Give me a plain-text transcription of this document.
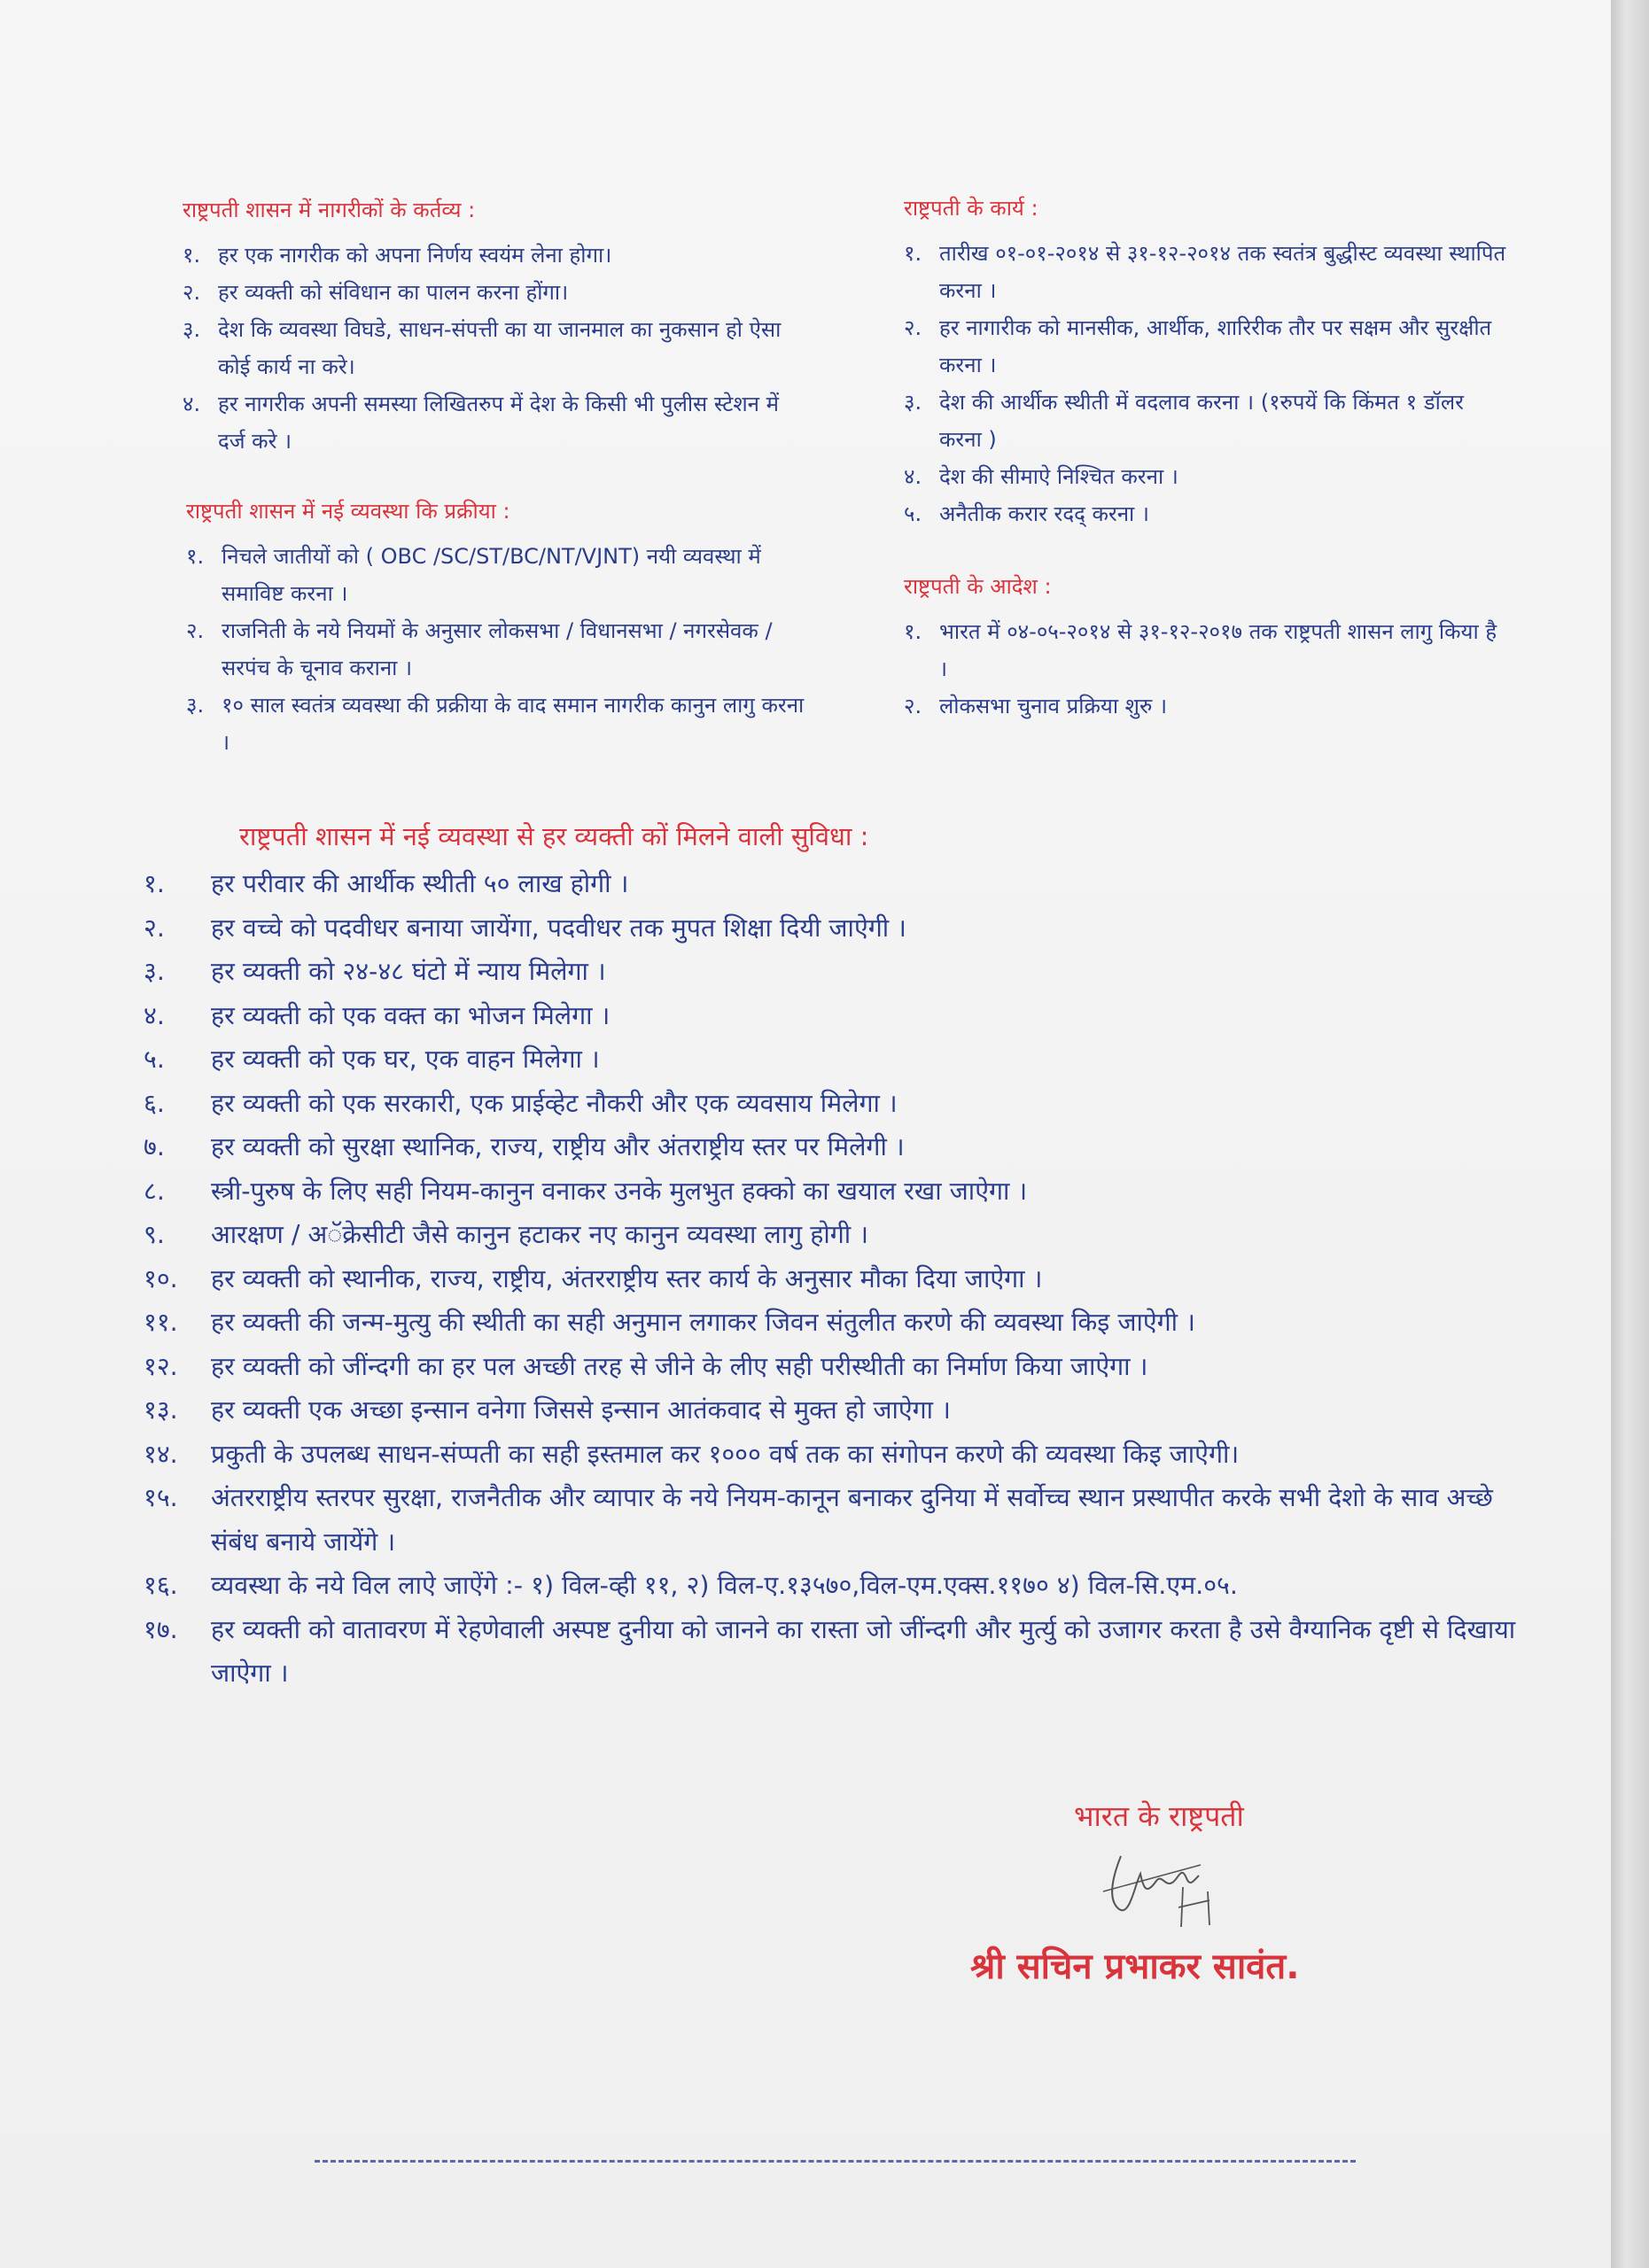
राष्ट्रपती शासन में नागरीकों के कर्तव्य :
१. हर एक नागरीक को अपना निर्णय स्वयंम लेना होगा।
२. हर व्यक्ती को संविधान का पालन करना होंगा।
३. देश कि व्यवस्था विघडे, साधन-संपत्ती का या जानमाल का नुकसान हो ऐसा कोई कार्य ना करे।
४. हर नागरीक अपनी समस्या लिखितरुप में देश के किसी भी पुलीस स्टेशन में दर्ज करे ।
राष्ट्रपती शासन में नई व्यवस्था कि प्रक्रीया :
१. निचले जातीयों को ( OBC /SC/ST/BC/NT/VJNT) नयी व्यवस्था में समाविष्ट करना ।
२. राजनिती के नये नियमों के अनुसार लोकसभा / विधानसभा / नगरसेवक / सरपंच के चूनाव कराना ।
३. १० साल स्वतंत्र व्यवस्था की प्रक्रीया के वाद समान नागरीक कानुन लागु करना ।
राष्ट्रपती के कार्य :
१. तारीख ०१-०१-२०१४ से ३१-१२-२०१४ तक स्वतंत्र बुद्धीस्ट व्यवस्था स्थापित करना ।
२. हर नागारीक को मानसीक, आर्थीक, शारिरीक तौर पर सक्षम और सुरक्षीत करना ।
३. देश की आर्थीक स्थीती में वदलाव करना । (१रुपयें कि किंमत १ डॉलर करना )
४. देश की सीमाऐ निश्चित करना ।
५. अनैतीक करार रदद् करना ।
राष्ट्रपती के आदेश :
१. भारत में ०४-०५-२०१४ से ३१-१२-२०१७ तक राष्ट्रपती शासन लागु किया है ।
२. लोकसभा चुनाव प्रक्रिया शुरु ।
राष्ट्रपती शासन में नई व्यवस्था से हर व्यक्ती कों मिलने वाली सुविधा :
१.	हर परीवार की आर्थीक स्थीती ५० लाख होगी ।
२.	हर वच्चे को पदवीधर बनाया जायेंगा, पदवीधर तक मुपत शिक्षा दियी जाऐगी ।
३.	हर व्यक्ती को २४-४८ घंटो में न्याय मिलेगा ।
४.	हर व्यक्ती को एक वक्त का भोजन मिलेगा ।
५.	हर व्यक्ती को एक घर, एक वाहन मिलेगा ।
६.	हर व्यक्ती को एक सरकारी, एक प्राईव्हेट नौकरी और एक व्यवसाय मिलेगा ।
७.	हर व्यक्ती को सुरक्षा स्थानिक, राज्य, राष्ट्रीय और अंतराष्ट्रीय स्तर पर मिलेगी ।
८.	स्त्री-पुरुष के लिए सही नियम-कानुन वनाकर उनके मुलभुत हक्को का खयाल रखा जाऐगा ।
९.	आरक्षण / अॅक्रेसीटी जैसे कानुन हटाकर नए कानुन व्यवस्था लागु होगी ।
१०.	हर व्यक्ती को स्थानीक, राज्य, राष्ट्रीय, अंतरराष्ट्रीय स्तर कार्य के अनुसार मौका दिया जाऐगा ।
११.	हर व्यक्ती की जन्म-मुत्यु की स्थीती का सही अनुमान लगाकर जिवन संतुलीत करणे की व्यवस्था किइ जाऐगी ।
१२.	हर व्यक्ती को जींन्दगी का हर पल अच्छी तरह से जीने के लीए सही परीस्थीती का निर्माण किया जाऐगा ।
१३.	हर व्यक्ती एक अच्छा इन्सान वनेगा जिससे इन्सान आतंकवाद से मुक्त हो जाऐगा ।
१४.	प्रकुती के उपलब्ध साधन-संप्पती का सही इस्तमाल कर १००० वर्ष तक का संगोपन करणे की व्यवस्था किइ जाऐगी।
१५.	अंतरराष्ट्रीय स्तरपर सुरक्षा, राजनैतीक और व्यापार के नये नियम-कानून बनाकर दुनिया में सर्वोच्च स्थान प्रस्थापीत करके सभी देशो के साव अच्छे संबंध बनाये जायेंगे ।
१६.	व्यवस्था के नये विल लाऐ जाऐंगे :- १) विल-व्ही ११, २) विल-ए.१३५७०,विल-एम.एक्स.११७० ४) विल-सि.एम.०५.
१७.	हर व्यक्ती को वातावरण में रेहणेवाली अस्पष्ट दुनीया को जानने का रास्ता जो जींन्दगी और मुर्त्यु को उजागर करता है उसे वैग्यानिक दृष्टी से दिखाया जाऐगा ।
भारत के राष्ट्रपती
श्री सचिन प्रभाकर सावंत.
